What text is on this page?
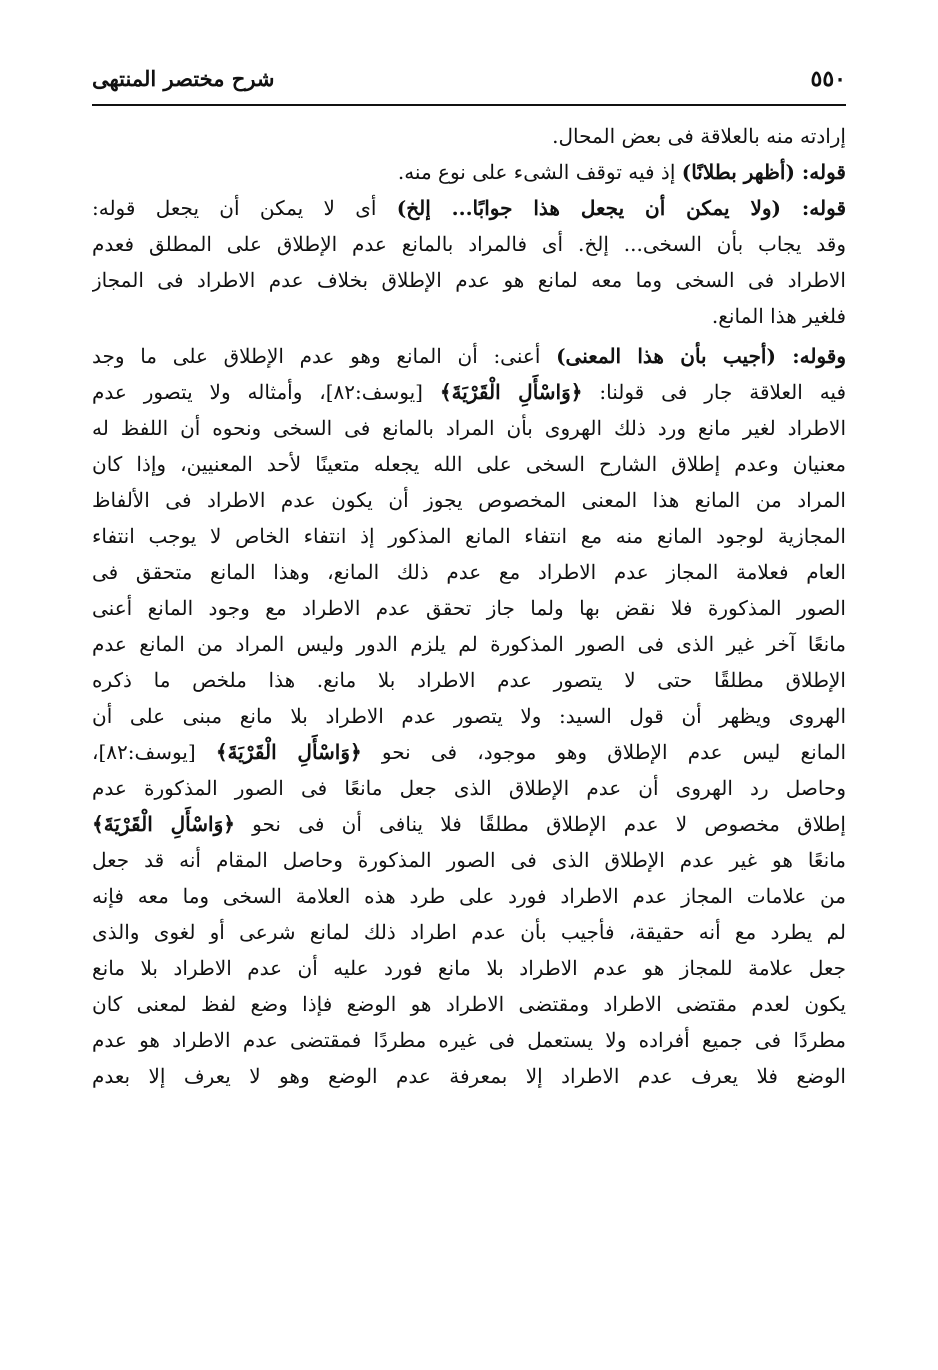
٥٥٠
شرح مختصر المنتهى
إرادته منه بالعلاقة فى بعض المحال.
قوله: (أظهر بطلانًا) إذ فيه توقف الشىء على نوع منه.
قوله: (ولا يمكن أن يجعل هذا جوابًا... إلخ) أى لا يمكن أن يجعل قوله:
وقد يجاب بأن السخى... إلخ. أى فالمراد بالمانع عدم الإطلاق على المطلق فعدم
الاطراد فى السخى وما معه لمانع هو عدم الإطلاق بخلاف عدم الاطراد فى المجاز
فلغير هذا المانع.
وقوله: (أجيب بأن هذا المعنى) أعنى: أن المانع وهو عدم الإطلاق على ما وجد
فيه العلاقة جار فى قولنا: ﴿وَاسْأَلِ الْقَرْيَةَ﴾ [يوسف:٨٢]، وأمثاله ولا يتصور عدم
الاطراد لغير مانع ورد ذلك الهروى بأن المراد بالمانع فى السخى ونحوه أن اللفظ له
معنيان وعدم إطلاق الشارح السخى على الله يجعله متعينًا لأحد المعنيين، وإذا كان
المراد من المانع هذا المعنى المخصوص يجوز أن يكون عدم الاطراد فى الألفاظ
المجازية لوجود المانع منه مع انتفاء المانع المذكور إذ انتفاء الخاص لا يوجب انتفاء
العام فعلامة المجاز عدم الاطراد مع عدم ذلك المانع، وهذا المانع متحقق فى
الصور المذكورة فلا نقض بها ولما جاز تحقق عدم الاطراد مع وجود المانع أعنى
مانعًا آخر غير الذى فى الصور المذكورة لم يلزم الدور وليس المراد من المانع عدم
الإطلاق مطلقًا حتى لا يتصور عدم الاطراد بلا مانع. هذا ملخص ما ذكره
الهروى ويظهر أن قول السيد: ولا يتصور عدم الاطراد بلا مانع مبنى على أن
المانع ليس عدم الإطلاق وهو موجود، فى نحو ﴿وَاسْأَلِ الْقَرْيَةَ﴾ [يوسف:٨٢]،
وحاصل رد الهروى أن عدم الإطلاق الذى جعل مانعًا فى الصور المذكورة عدم
إطلاق مخصوص لا عدم الإطلاق مطلقًا فلا ينافى أن فى نحو ﴿وَاسْأَلِ الْقَرْيَةَ﴾
مانعًا هو غير عدم الإطلاق الذى فى الصور المذكورة وحاصل المقام أنه قد جعل
من علامات المجاز عدم الاطراد فورد على طرد هذه العلامة السخى وما معه فإنه
لم يطرد مع أنه حقيقة، فأجيب بأن عدم اطراد ذلك لمانع شرعى أو لغوى والذى
جعل علامة للمجاز هو عدم الاطراد بلا مانع فورد عليه أن عدم الاطراد بلا مانع
يكون لعدم مقتضى الاطراد ومقتضى الاطراد هو الوضع فإذا وضع لفظ لمعنى كان
مطردًا فى جميع أفراده ولا يستعمل فى غيره مطردًا فمقتضى عدم الاطراد هو عدم
الوضع فلا يعرف عدم الاطراد إلا بمعرفة عدم الوضع وهو لا يعرف إلا بعدم
